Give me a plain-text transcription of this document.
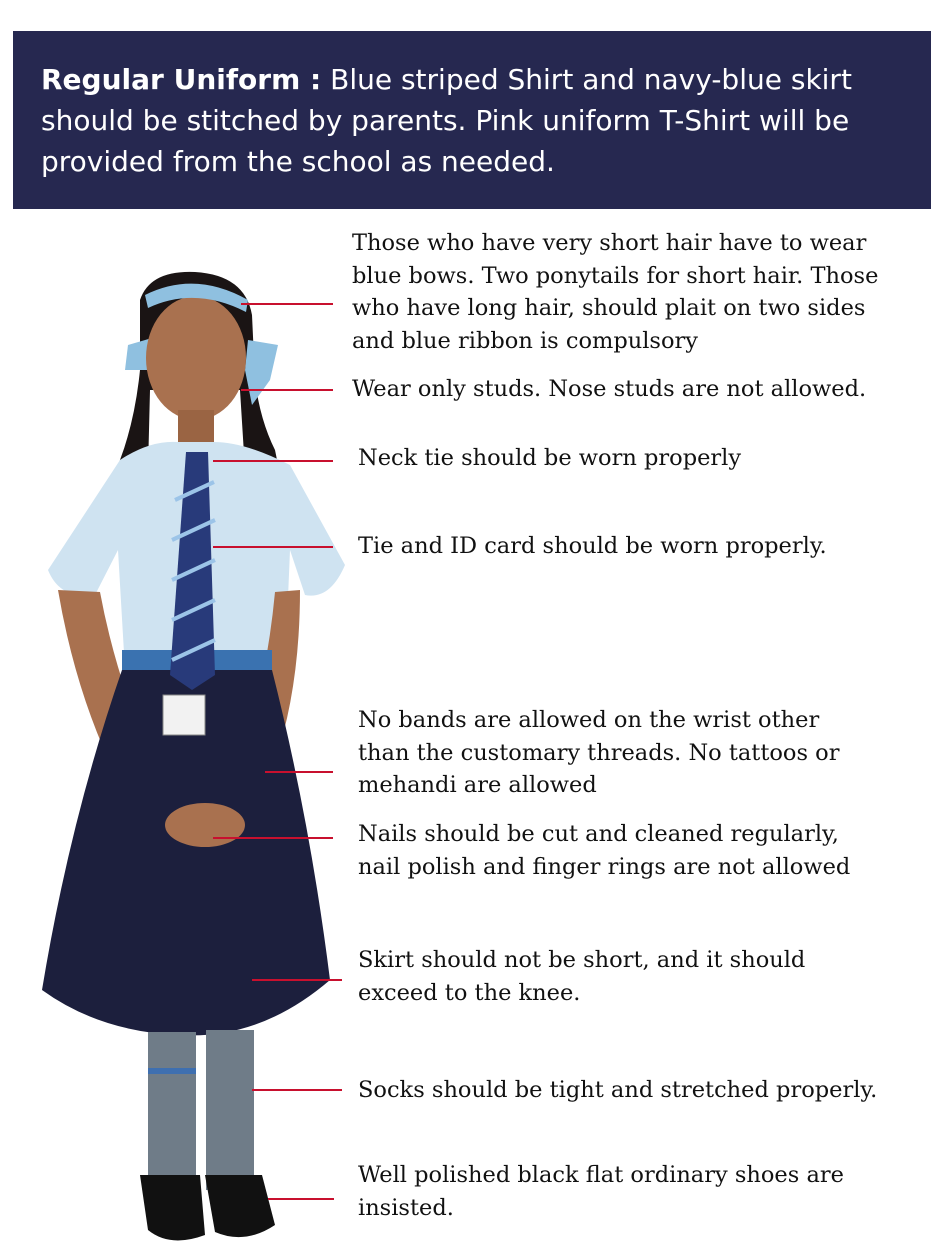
Regular Uniform : Blue striped Shirt and navy-blue skirt should be stitched by parents. Pink uniform T-Shirt will be provided from the school as needed.

Those who have very short hair have to wear blue bows. Two ponytails for short hair. Those who have long hair, should plait on two sides and blue ribbon is compulsory

Wear only studs. Nose studs are not allowed.

Neck tie should be worn properly

Tie and ID card should be worn properly.

No bands are allowed on the wrist other than the customary threads. No tattoos or mehandi are allowed

Nails should be cut and cleaned regularly, nail polish and finger rings are not allowed

Skirt should not be short, and it should exceed to the knee.

Socks should be tight and stretched properly.

Well polished black flat ordinary shoes are insisted.
